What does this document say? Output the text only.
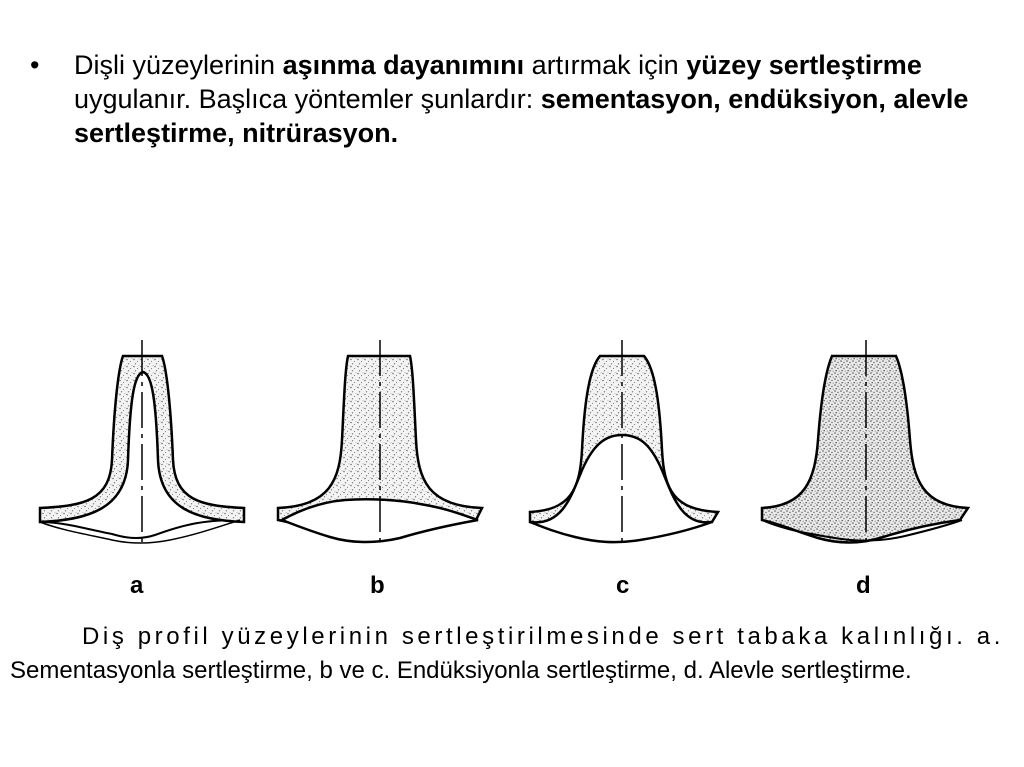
• Dişli yüzeylerinin aşınma dayanımını artırmak için yüzey sertleştirme uygulanır. Başlıca yöntemler şunlardır: sementasyon, endüksiyon, alevle sertleştirme, nitrürasyon.
a	b	c	d
Diş profil yüzeylerinin sertleştirilmesinde sert tabaka kalınlığı. a.
Sementasyonla sertleştirme, b ve c. Endüksiyonla sertleştirme, d. Alevle sertleştirme.
